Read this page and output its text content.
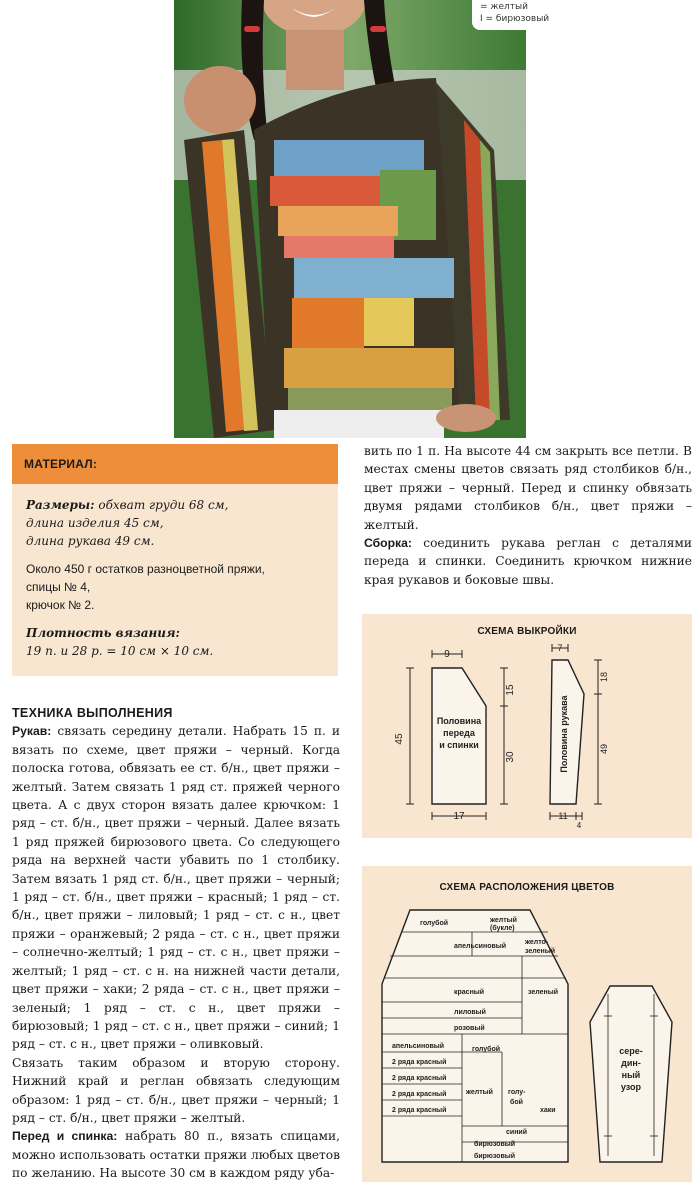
= желтый
I = бирюзовый
МАТЕРИАЛ:
Размеры: обхват груди 68 см,
длина изделия 45 см,
длина рукава 49 см.
Около 450 г остатков разноцветной пряжи,
спицы № 4,
крючок № 2.
Плотность вязания:
19 п. и 28 р. = 10 см × 10 см.
ТЕХНИКА ВЫПОЛНЕНИЯ

Рукав: связать середину детали. Набрать 15 п. и вязать по схеме, цвет пряжи – черный. Когда полоска готова, обвязать ее ст. б/н., цвет пряжи – желтый. Затем связать 1 ряд ст. пряжей черного цвета. А с двух сторон вязать далее крючком: 1 ряд – ст. б/н., цвет пряжи – черный. Далее вязать 1 ряд пряжей бирюзового цвета. Со следующего ряда на верхней части убавить по 1 столбику. Затем вязать 1 ряд ст. б/н., цвет пряжи – черный; 1 ряд – ст. б/н., цвет пряжи – красный; 1 ряд – ст. б/н., цвет пряжи – лиловый; 1 ряд – ст. с н., цвет пряжи – оранжевый; 2 ряда – ст. с н., цвет пряжи – солнечно-желтый; 1 ряд – ст. с н., цвет пряжи – желтый; 1 ряд – ст. с н. на нижней части детали, цвет пряжи – хаки; 2 ряда – ст. с н., цвет пряжи – зеленый; 1 ряд – ст. с н., цвет пряжи – бирюзовый; 1 ряд – ст. с н., цвет пряжи – синий; 1 ряд – ст. с н., цвет пряжи – оливковый.

Связать таким образом и вторую сторону. Нижний край и реглан обвязать следующим образом: 1 ряд – ст. б/н., цвет пряжи – черный; 1 ряд – ст. б/н., цвет пряжи – желтый.

Перед и спинка: набрать 80 п., вязать спицами, можно использовать остатки пряжи любых цветов по желанию. На высоте 30 см в каждом ряду уба-

вить по 1 п. На высоте 44 см закрыть все петли. В местах смены цветов связать ряд столбиков б/н., цвет пряжи – черный. Перед и спинку обвязать двумя рядами столбиков б/н., цвет пряжи – желтый.

Сборка: соединить рукава реглан с деталями переда и спинки. Соединить крючком нижние края рукавов и боковые швы.

СХЕМА ВЫКРОЙКИ
9
45
15
30
17
Половина
переда
и спинки
7
18
49
11
4
Половина рукава
СХЕМА РАСПОЛОЖЕНИЯ ЦВЕТОВ
голубой	желтый
(букле)
апельсиновый
желто-
зеленый
красный	зеленый
лиловый
розовый
апельсиновый	голубой
2 ряда красный
2 ряда красный
2 ряда красный
2 ряда красный
желтый голу-
бой
хаки
синий
бирюзовый
бирюзовый
сере-
дин-
ный
узор
